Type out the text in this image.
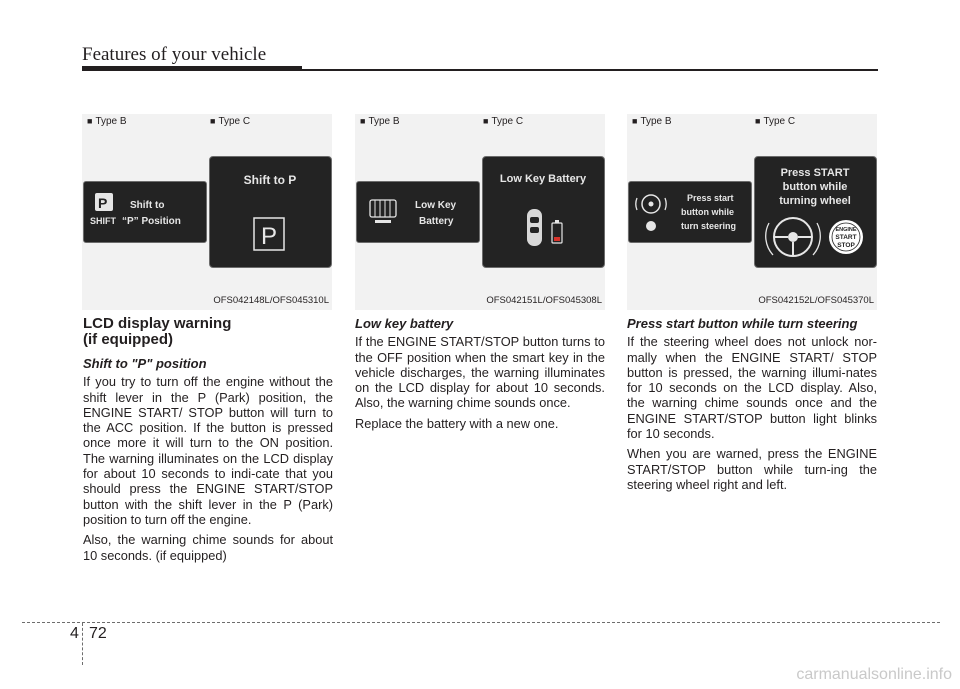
Features of your vehicle
■ Type B	■ Type C
P
SHIFT
Shift to
“P” Position
Shift to P
P
OFS042148L/OFS045310L
■ Type B	■ Type C
Low Key
Battery
Low Key Battery
OFS042151L/OFS045308L
■ Type B	■ Type C
Press start
button while
turn steering
Press START
button while
turning wheel
ENGINE
START
STOP
OFS042152L/OFS045370L
LCD display warning
(if equipped)
Shift to "P" position

If you try to turn off the engine without the shift lever in the P (Park) position, the ENGINE START/ STOP button will turn to the ACC position. If the button is pressed once more it will turn to the ON position. The warning illuminates on the LCD display for about 10 seconds to indi-cate that you should press the ENGINE START/STOP button with the shift lever in the P (Park) position to turn off the engine.

Also, the warning chime sounds for about 10 seconds. (if equipped)

Low key battery

If the ENGINE START/STOP button turns to the OFF position when the smart key in the vehicle discharges, the warning illuminates on the LCD display for about 10 seconds. Also, the warning chime sounds once.

Replace the battery with a new one.

Press start button while turn steering

If the steering wheel does not unlock nor-mally when the ENGINE START/ STOP button is pressed, the warning illumi-nates for 10 seconds on the LCD display. Also, the warning chime sounds once and the ENGINE START/STOP button light blinks for 10 seconds.

When you are warned, press the ENGINE START/STOP button while turn-ing the steering wheel right and left.

4 72
carmanualsonline.info
